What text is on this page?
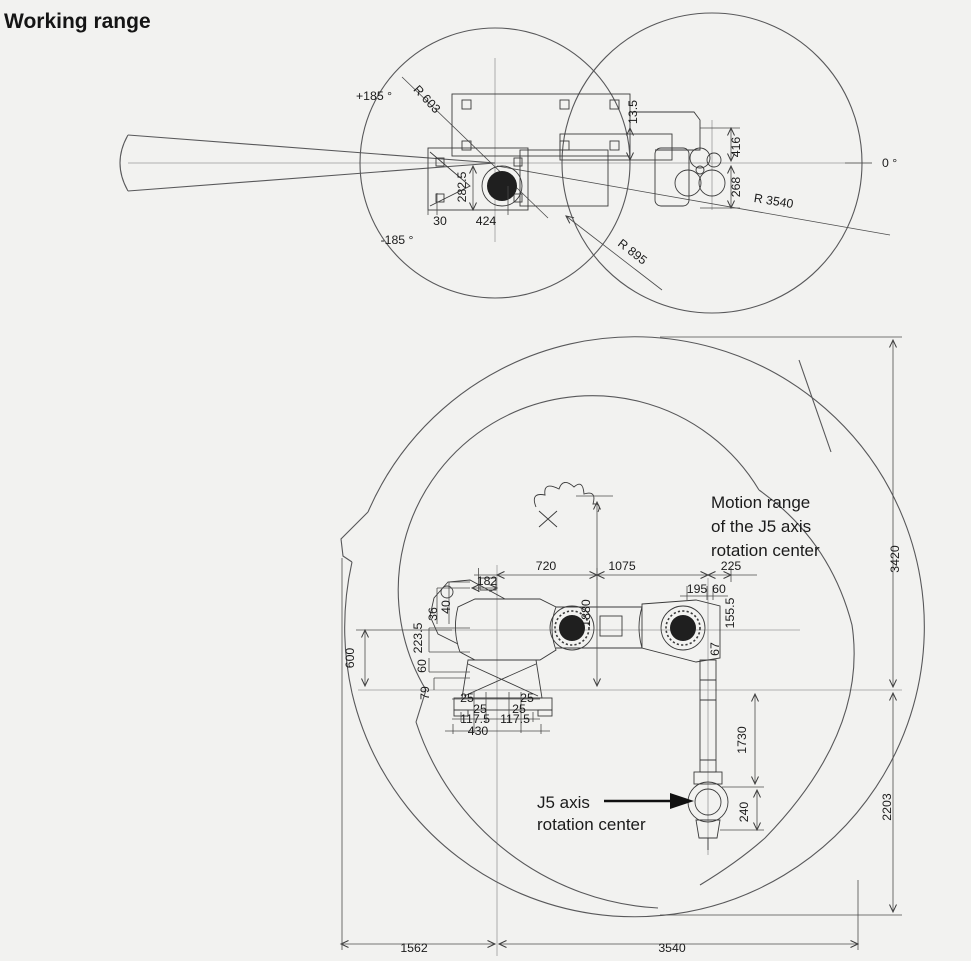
Working range
+185 °
-185 °
0 °
R 603
R 3540
R 895
13.5
416
268
282.5
30 424
Motion range
of the J5 axis
rotation center
J5 axis
rotation center
3420
2203
1880
720	1075	225
182
195 60
155.5
67
36
40
223.5
60
79
600
25	25
25 25
117.5 117.5
430	1730
240
1562	3540
